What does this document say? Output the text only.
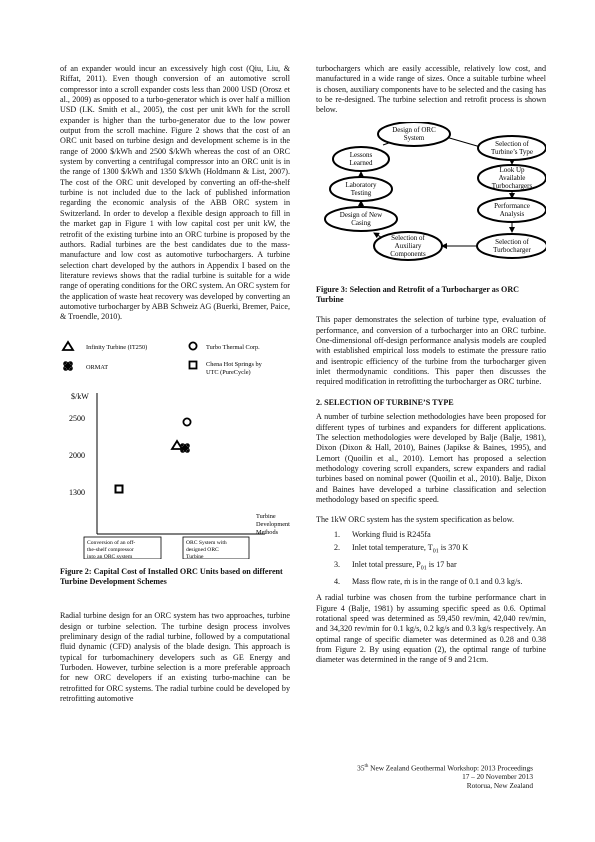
of an expander would incur an excessively high cost (Qiu, Liu, & Riffat, 2011). Even though conversion of an automotive scroll compressor into a scroll expander costs less than 2000 USD (Orosz et al., 2009) as opposed to a turbo-generator which is over half a million USD (I.K. Smith et al., 2005), the cost per unit kWh for the scroll expander is higher than the turbo-generator due to the low power output from the scroll machine. Figure 2 shows that the cost of an ORC unit based on turbine design and development scheme is in the range of 2000 $/kWh and 2500 $/kWh whereas the cost of an ORC system by converting a centrifugal compressor into an ORC unit is in the range of 1300 $/kWh and 1350 $/kWh (Holdmann & List, 2007). The cost of the ORC unit developed by converting an off-the-shelf turbine is not included due to the lack of published information regarding the economic analysis of the ABB ORC system in Switzerland. In order to develop a flexible design approach to fill in the market gap in Figure 1 with low capital cost per unit kW, the retrofit of the existing turbine into an ORC turbine is proposed by the authors. Radial turbines are the best candidates due to the mass-manufacture and low cost as automotive turbochargers. A turbine selection chart developed by the authors in Appendix I based on the literature reviews shows that the radial turbine is suitable for a wide range of operating conditions for the ORC system. An ORC system for the application of waste heat recovery was developed by converting an automotive turbocharger by ABB Schweiz AG (Buerki, Bremer, Paice, & Troendle, 2010).

Infinity Turbine (IT250)
ORMAT
Turbo Thermal Corp.
Chena Hot Springs by
UTC (PureCycle)
$/kW
2500
2000
1300
Turbine
Development
Methods
Conversion of an off-
the-shelf compressor
into an ORC system
ORC System with
designed ORC
Turbine
Figure 2: Capital Cost of Installed ORC Units based on different Turbine Development Schemes

Radial turbine design for an ORC system has two approaches, turbine design or turbine selection. The turbine design process involves preliminary design of the radial turbine, followed by a computational fluid dynamic (CFD) analysis of the blade design. This approach is typical for turbomachinery developers such as GE Energy and Turboden. However, turbine selection is a more preferable approach for new ORC developers if an existing turbo-machine can be retrofitted for ORC systems. The radial turbine could be developed by retrofitting automotive

turbochargers which are easily accessible, relatively low cost, and manufactured in a wide range of sizes. Once a suitable turbine wheel is chosen, auxiliary components have to be selected and the casing has to be re-designed. The turbine selection and retrofit process is shown below.

Design of ORC
System
Selection of
Turbine’s Type
Look Up
Available
Turbochargers
Performance
Analysis
Selection of
Turbocharger
Selection of
Auxiliary
Components
Design of New
Casing
Laboratory
Testing
Lessons
Learned
Figure 3: Selection and Retrofit of a Turbocharger as ORC Turbine

This paper demonstrates the selection of turbine type, evaluation of performance, and conversion of a turbocharger into an ORC turbine. One-dimensional off-design performance analysis models are coupled with established empirical loss models to estimate the pressure ratio and isentropic efficiency of the turbine from the turbocharger given inlet thermodynamic conditions. This paper then discusses the required modification in retrofitting the turbocharger as ORC turbine.

2. SELECTION OF TURBINE’S TYPE

A number of turbine selection methodologies have been proposed for different types of turbines and expanders for different applications. The selection methodologies were developed by Balje (Balje, 1981), Dixon (Dixon & Hall, 2010), Baines (Japikse & Baines, 1995), and Lemort (Quoilin et al., 2010). Lemort has proposed a selection methodology covering scroll expanders, screw expanders and radial turbines based on nominal power (Quoilin et al., 2010). Balje, Dixon and Baines have developed a turbine classification and selection methodology based on specific speed.

The 1kW ORC system has the system specification as below.

1. Working fluid is R245fa
2. Inlet total temperature, $T_{01}$ is 370 K
3. Inlet total pressure, $P_{01}$ is 17 bar
4. Mass flow rate, ṁ is in the range of 0.1 and 0.3 kg/s.

A radial turbine was chosen from the turbine performance chart in Figure 4 (Balje, 1981) by assuming specific speed as 0.6. Optimal rotational speed was determined as 59,450 rev/min, 42,040 rev/min, and 34,320 rev/min for 0.1 kg/s, 0.2 kg/s and 0.3 kg/s respectively. An optimal range of specific diameter was determined as 0.28 and 0.38 from Figure 2. By using equation (2), the optimal range of turbine diameter was determined in the range of 9 and 21cm.

35th New Zealand Geothermal Workshop: 2013 Proceedings
17 – 20 November 2013
Rotorua, New Zealand
